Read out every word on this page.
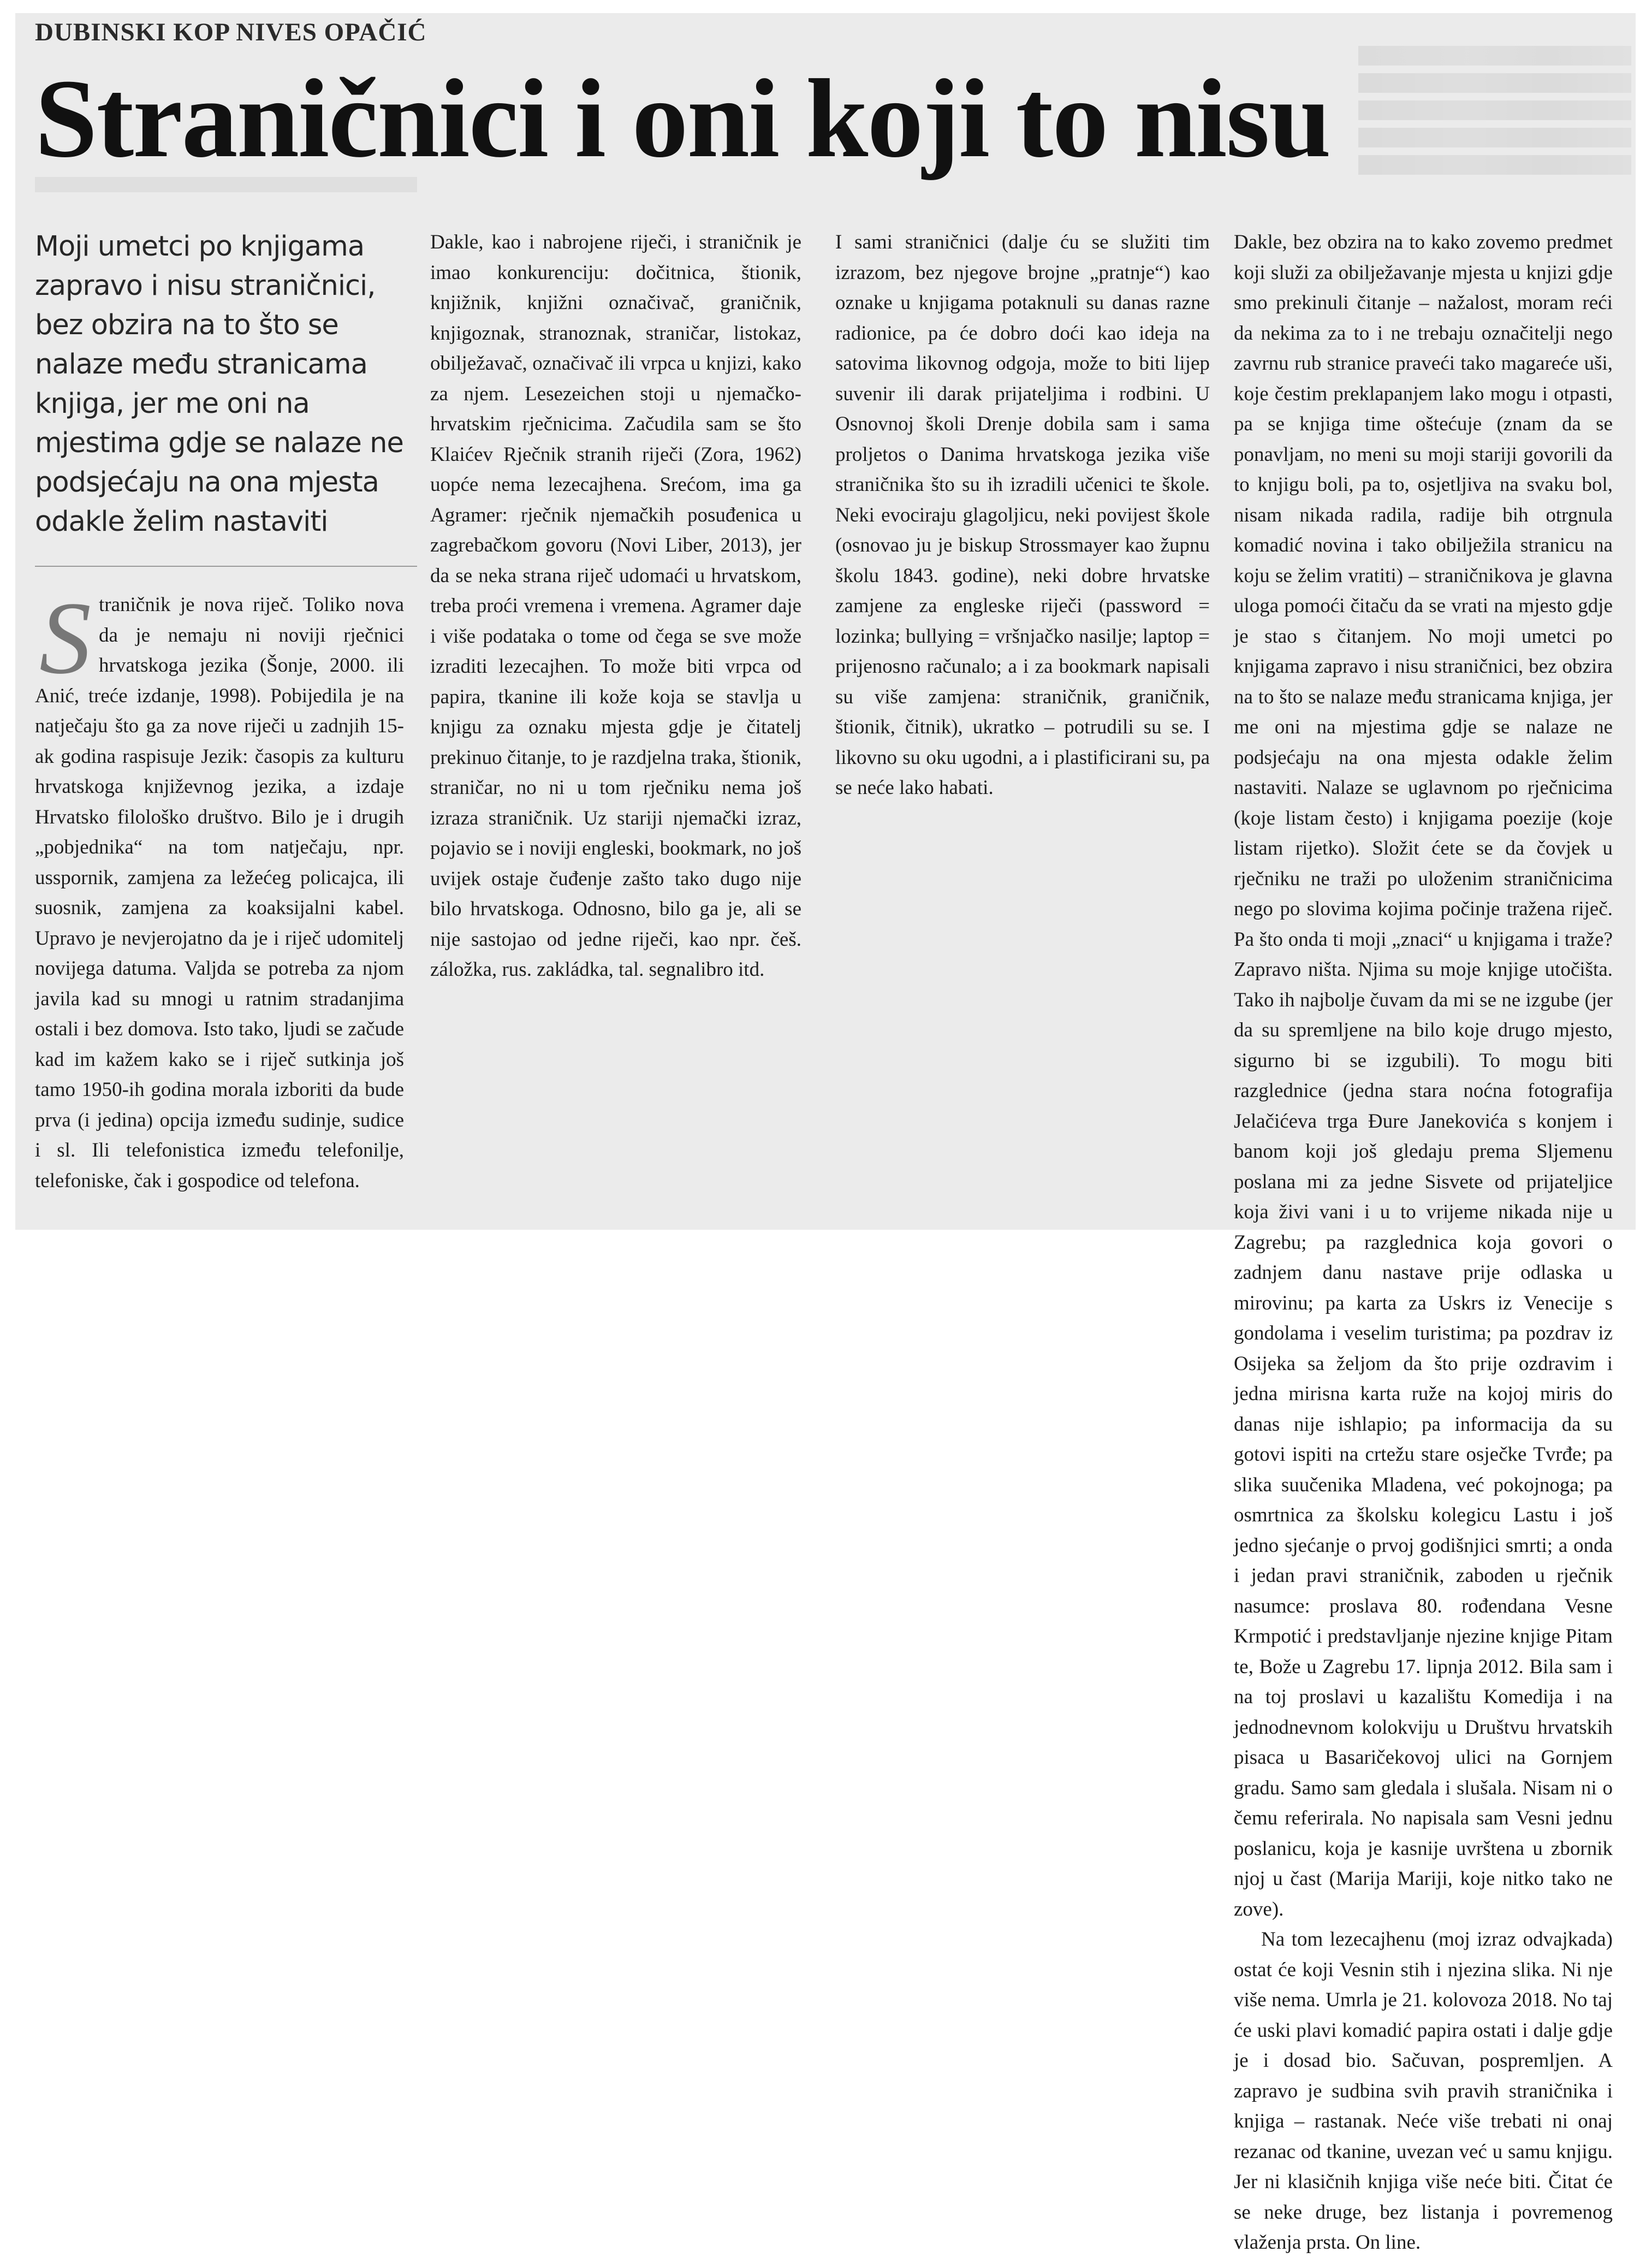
DUBINSKI KOP NIVES OPAČIĆ
Straničnici i oni koji to nisu
Moji umetci po knjigama zapravo i nisu straničnici, bez obzira na to što se nalaze među stranicama knjiga, jer me oni na mjestima gdje se nalaze ne podsjećaju na ona mjesta odakle želim nastaviti

Straničnik je nova riječ. Toliko nova da je nemaju ni noviji rječnici hrvatskoga jezika (Šonje, 2000. ili Anić, treće izdanje, 1998). Pobijedila je na natječaju što ga za nove riječi u zadnjih 15-ak godina raspisuje Jezik: časopis za kulturu hrvatskoga književnog jezika, a izdaje Hrvatsko filološko društvo. Bilo je i drugih „pobjednika“ na tom natječaju, npr. usspornik, zamjena za ležećeg policajca, ili suosnik, zamjena za koaksijalni kabel. Upravo je nevjerojatno da je i riječ udomitelj novijega datuma. Valjda se potreba za njom javila kad su mnogi u ratnim stradanjima ostali i bez domova. Isto tako, ljudi se začude kad im kažem kako se i riječ sutkinja još tamo 1950-ih godina morala izboriti da bude prva (i jedina) opcija između sudinje, sudice i sl. Ili telefonistica između telefonilje, telefoniske, čak i gospodice od telefona.

Dakle, kao i nabrojene riječi, i straničnik je imao konkurenciju: dočitnica, štionik, knjižnik, knjižni označivač, graničnik, knjigoznak, stranoznak, straničar, listokaz, obilježavač, označivač ili vrpca u knjizi, kako za njem. Lesezeichen stoji u njemačko-hrvatskim rječnicima. Začudila sam se što Klaićev Rječnik stranih riječi (Zora, 1962) uopće nema lezecajhena. Srećom, ima ga Agramer: rječnik njemačkih posuđenica u zagrebačkom govoru (Novi Liber, 2013), jer da se neka strana riječ udomaći u hrvatskom, treba proći vremena i vremena. Agramer daje i više podataka o tome od čega se sve može izraditi lezecajhen. To može biti vrpca od papira, tkanine ili kože koja se stavlja u knjigu za oznaku mjesta gdje je čitatelj prekinuo čitanje, to je razdjelna traka, štionik, straničar, no ni u tom rječniku nema još izraza straničnik. Uz stariji njemački izraz, pojavio se i noviji engleski, bookmark, no još uvijek ostaje čuđenje zašto tako dugo nije bilo hrvatskoga. Odnosno, bilo ga je, ali se nije sastojao od jedne riječi, kao npr. češ. záložka, rus. zakládka, tal. segnalibro itd.

I sami straničnici (dalje ću se služiti tim izrazom, bez njegove brojne „pratnje“) kao oznake u knjigama potaknuli su danas razne radionice, pa će dobro doći kao ideja na satovima likovnog odgoja, može to biti lijep suvenir ili darak prijateljima i rodbini. U Osnovnoj školi Drenje dobila sam i sama proljetos o Danima hrvatskoga jezika više straničnika što su ih izradili učenici te škole. Neki evociraju glagoljicu, neki povijest škole (osnovao ju je biskup Strossmayer kao župnu školu 1843. godine), neki dobre hrvatske zamjene za engleske riječi (password = lozinka; bullying = vršnjačko nasilje; laptop = prijenosno računalo; a i za bookmark napisali su više zamjena: straničnik, graničnik, štionik, čitnik), ukratko – potrudili su se. I likovno su oku ugodni, a i plastificirani su, pa se neće lako habati.

Dakle, bez obzira na to kako zovemo predmet koji služi za obilježavanje mjesta u knjizi gdje smo prekinuli čitanje – nažalost, moram reći da nekima za to i ne trebaju označitelji nego zavrnu rub stranice praveći tako magareće uši, koje čestim preklapanjem lako mogu i otpasti, pa se knjiga time oštećuje (znam da se ponavljam, no meni su moji stariji govorili da to knjigu boli, pa to, osjetljiva na svaku bol, nisam nikada radila, radije bih otrgnula komadić novina i tako obilježila stranicu na koju se želim vratiti) – straničnikova je glavna uloga pomoći čitaču da se vrati na mjesto gdje je stao s čitanjem. No moji umetci po knjigama zapravo i nisu straničnici, bez obzira na to što se nalaze među stranicama knjiga, jer me oni na mjestima gdje se nalaze ne podsjećaju na ona mjesta odakle želim nastaviti. Nalaze se uglavnom po rječnicima (koje listam često) i knjigama poezije (koje listam rijetko). Složit ćete se da čovjek u rječniku ne traži po uloženim straničnicima nego po slovima kojima počinje tražena riječ. Pa što onda ti moji „znaci“ u knjigama i traže? Zapravo ništa. Njima su moje knjige utočišta. Tako ih najbolje čuvam da mi se ne izgube (jer da su spremljene na bilo koje drugo mjesto, sigurno bi se izgubili). To mogu biti razglednice (jedna stara noćna fotografija Jelačićeva trga Đure Janekovića s konjem i banom koji još gledaju prema Sljemenu poslana mi za jedne Sisvete od prijateljice koja živi vani i u to vrijeme nikada nije u Zagrebu; pa razglednica koja govori o zadnjem danu nastave prije odlaska u mirovinu; pa karta za Uskrs iz Venecije s gondolama i veselim turistima; pa pozdrav iz Osijeka sa željom da što prije ozdravim i jedna mirisna karta ruže na kojoj miris do danas nije ishlapio; pa informacija da su gotovi ispiti na crtežu stare osječke Tvrđe; pa slika suučenika Mladena, već pokojnoga; pa osmrtnica za školsku kolegicu Lastu i još jedno sjećanje o prvoj godišnjici smrti; a onda i jedan pravi straničnik, zaboden u rječnik nasumce: proslava 80. rođendana Vesne Krmpotić i predstavljanje njezine knjige Pitam te, Bože u Zagrebu 17. lipnja 2012. Bila sam i na toj proslavi u kazalištu Komedija i na jednodnevnom kolokviju u Društvu hrvatskih pisaca u Basaričekovoj ulici na Gornjem gradu. Samo sam gledala i slušala. Nisam ni o čemu referirala. No napisala sam Vesni jednu poslanicu, koja je kasnije uvrštena u zbornik njoj u čast (Marija Mariji, koje nitko tako ne zove).

Na tom lezecajhenu (moj izraz odvajkada) ostat će koji Vesnin stih i njezina slika. Ni nje više nema. Umrla je 21. kolovoza 2018. No taj će uski plavi komadić papira ostati i dalje gdje je i dosad bio. Sačuvan, pospremljen. A zapravo je sudbina svih pravih straničnika i knjiga – rastanak. Neće više trebati ni onaj rezanac od tkanine, uvezan već u samu knjigu. Jer ni klasičnih knjiga više neće biti. Čitat će se neke druge, bez listanja i povremenog vlaženja prsta. On line.
